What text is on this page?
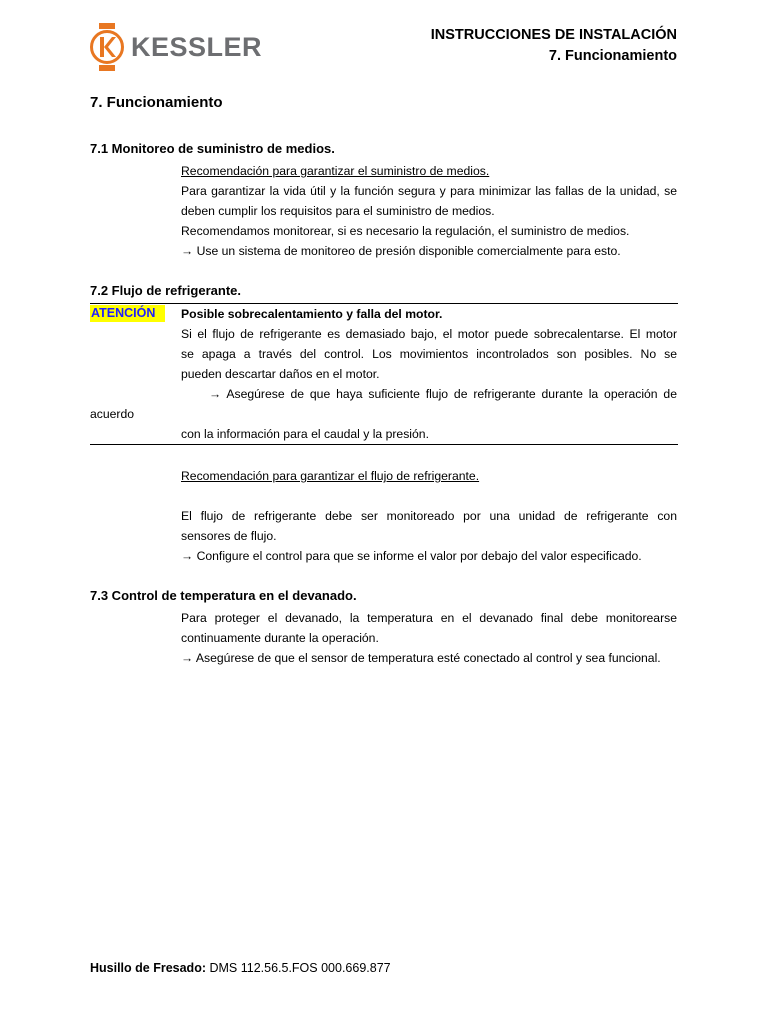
KESSLER	INSTRUCCIONES DE INSTALACIÓN
7. Funcionamiento
7. Funcionamiento
7.1 Monitoreo de suministro de medios.
Recomendación para garantizar el suministro de medios.
Para garantizar la vida útil y la función segura y para minimizar las fallas de la unidad, se
deben cumplir los requisitos para el suministro de medios.
Recomendamos monitorear, si es necesario la regulación, el suministro de medios.
→ Use un sistema de monitoreo de presión disponible comercialmente para esto.
7.2 Flujo de refrigerante.
ATENCIÓN	Posible sobrecalentamiento y falla del motor.
Si el flujo de refrigerante es demasiado bajo, el motor puede sobrecalentarse. El motor
se apaga a través del control. Los movimientos incontrolados son posibles. No se
pueden descartar daños en el motor.
→ Asegúrese de que haya suficiente flujo de refrigerante durante la operación de
acuerdo
con la información para el caudal y la presión.
Recomendación para garantizar el flujo de refrigerante.
El flujo de refrigerante debe ser monitoreado por una unidad de refrigerante con
sensores de flujo.
→ Configure el control para que se informe el valor por debajo del valor especificado.
7.3 Control de temperatura en el devanado.
Para proteger el devanado, la temperatura en el devanado final debe monitorearse
continuamente durante la operación.
→ Asegúrese de que el sensor de temperatura esté conectado al control y sea funcional.
Husillo de Fresado: DMS 112.56.5.FOS 000.669.877
